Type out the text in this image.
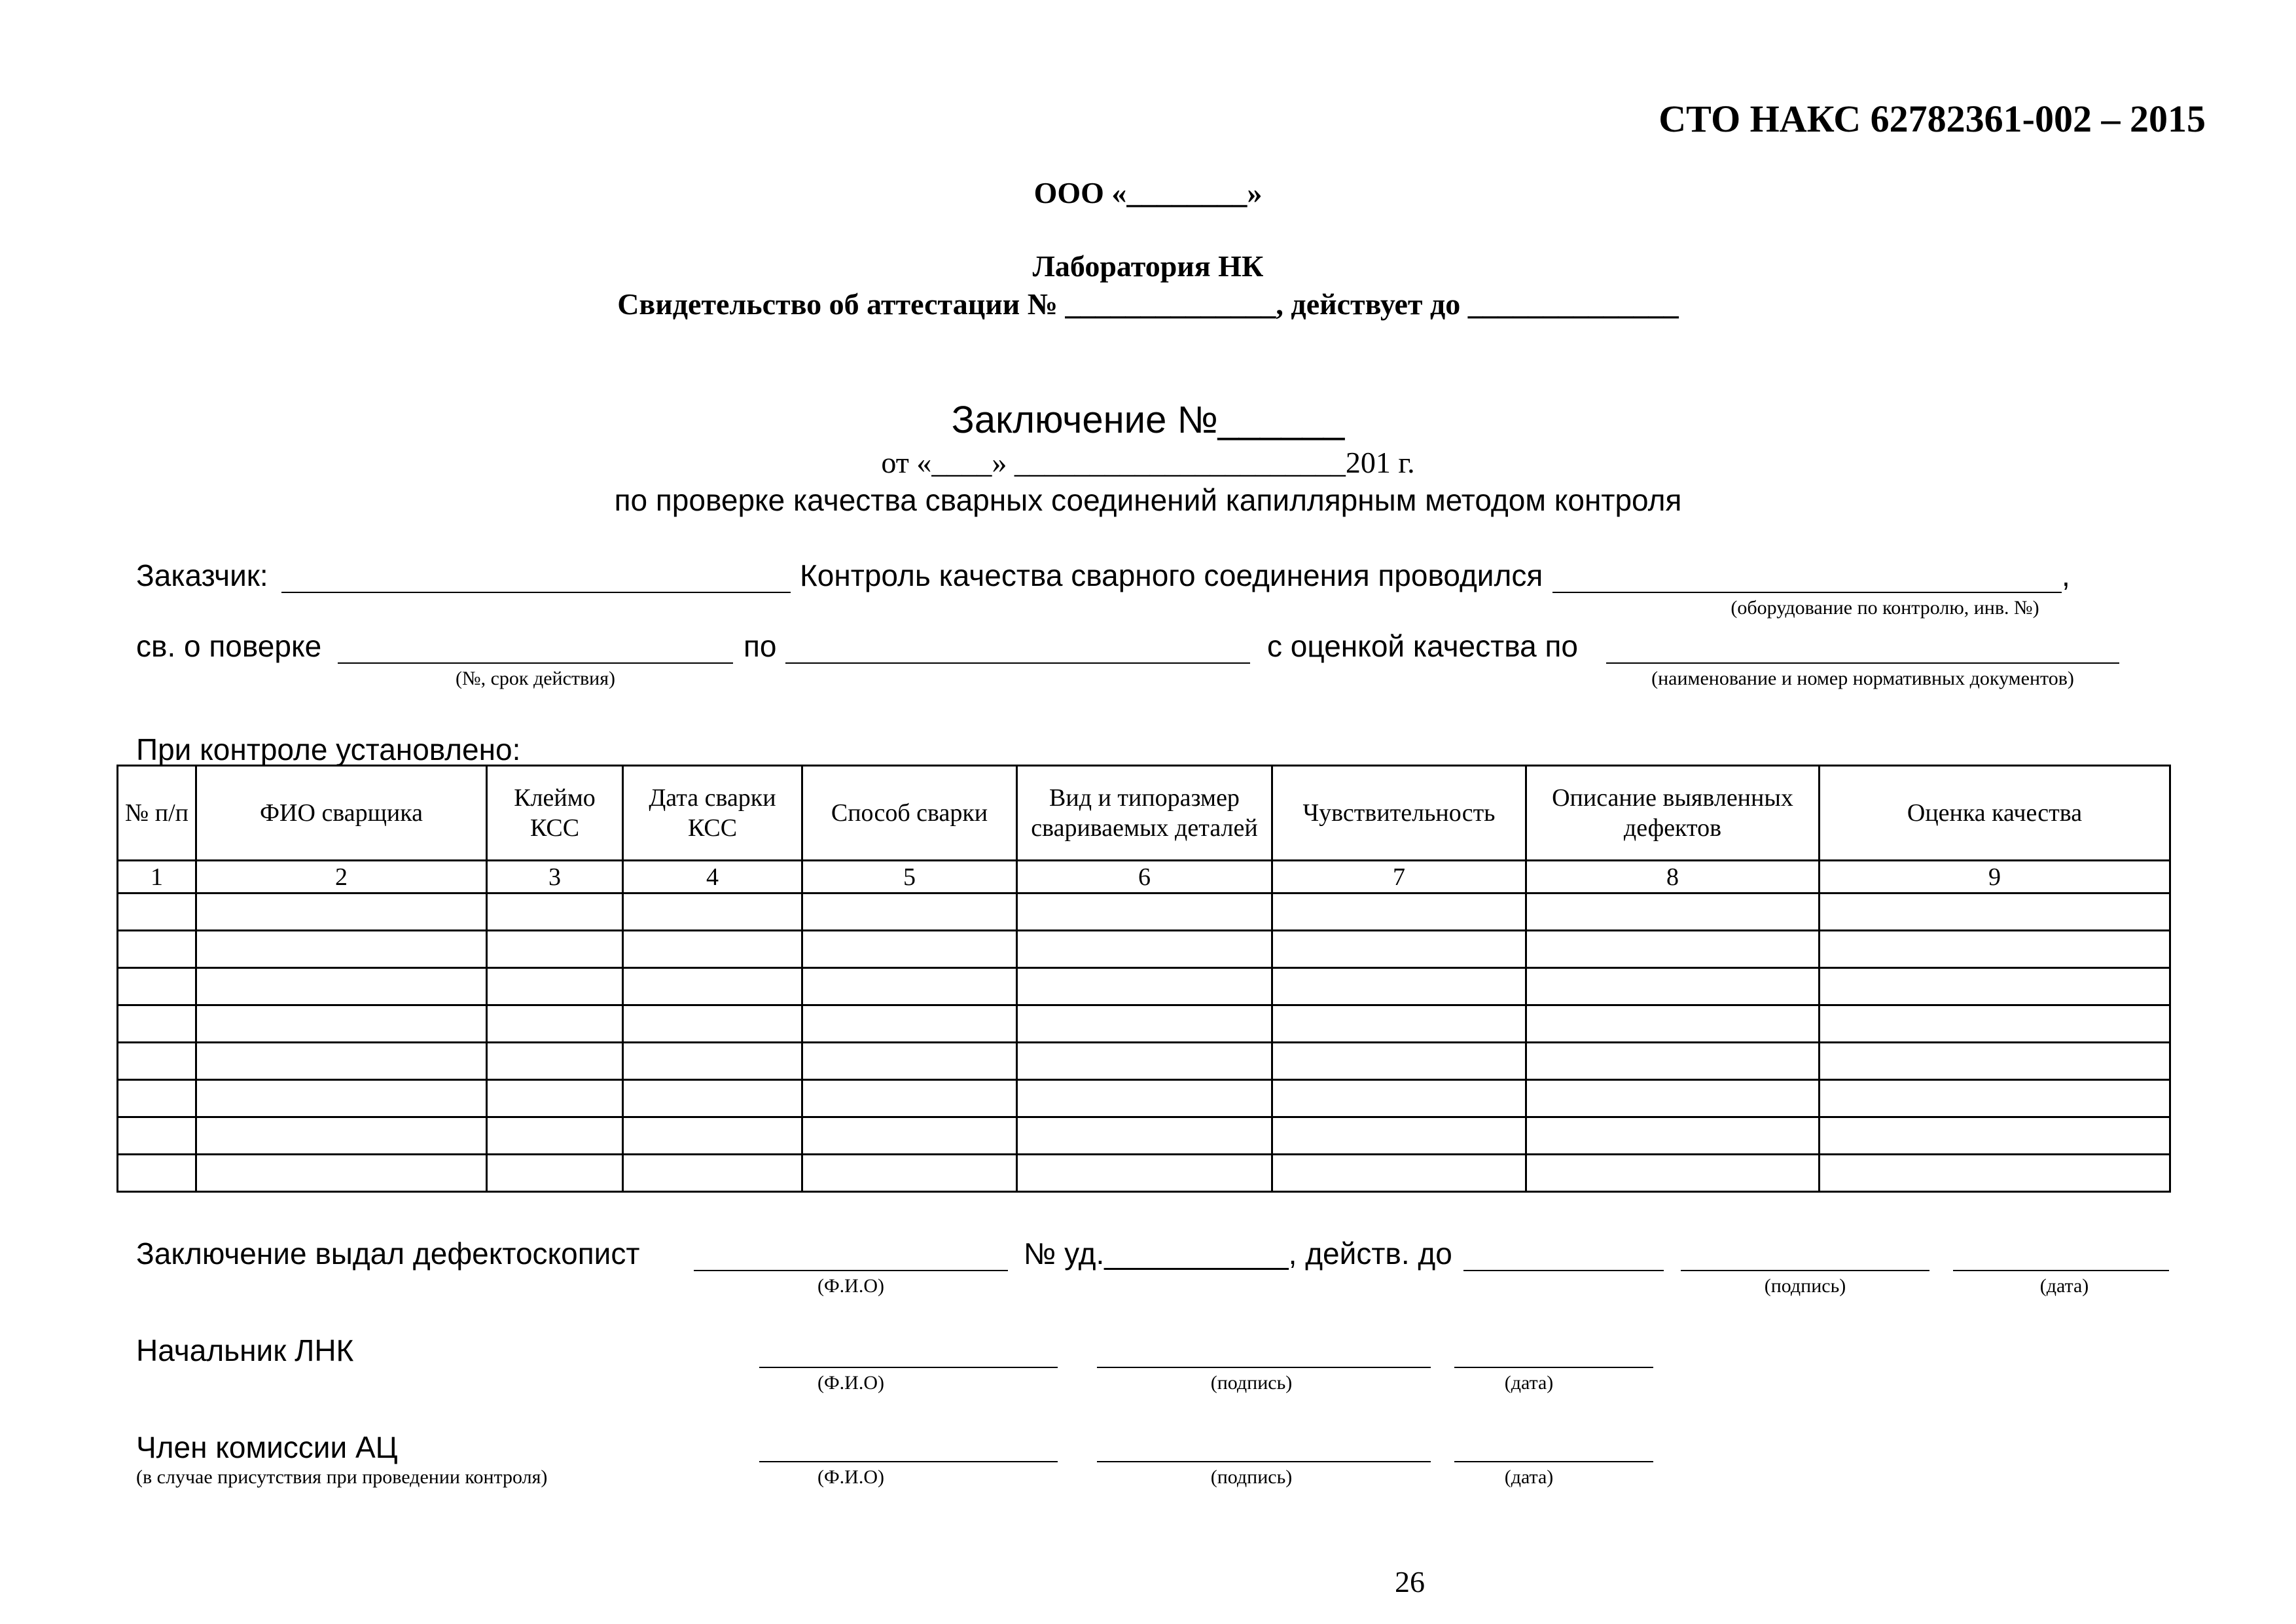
СТО НАКС 62782361-002 – 2015
ООО «________»
Лаборатория НК
Свидетельство об аттестации № ______________, действует до ______________
Заключение №______
от «____» ______________________201 г.
по проверке качества сварных соединений капиллярным методом контроля
Заказчик:	Контроль качества сварного соединения проводился	,
(оборудование по контролю, инв. №)
св. о поверке
(№, срок действия)
по	с оценкой качества по
(наименование и номер нормативных документов)
При контроле установлено:
№ п/п	ФИО сварщика	Клеймо КСС	Дата сварки КСС	Способ сварки	Вид и типоразмер свариваемых деталей	Чувствительность	Описание выявленных дефектов	Оценка качества
1	2	3	4	5	6	7	8	9

Заключение выдал дефектоскопист
(Ф.И.О)
№ уд.___________, действ. до
(подпись)	(дата)
Начальник ЛНК
(Ф.И.О)	(подпись)	(дата)
Член комиссии АЦ
(в случае присутствия при проведении контроля)	(Ф.И.О)	(подпись)	(дата)
26
